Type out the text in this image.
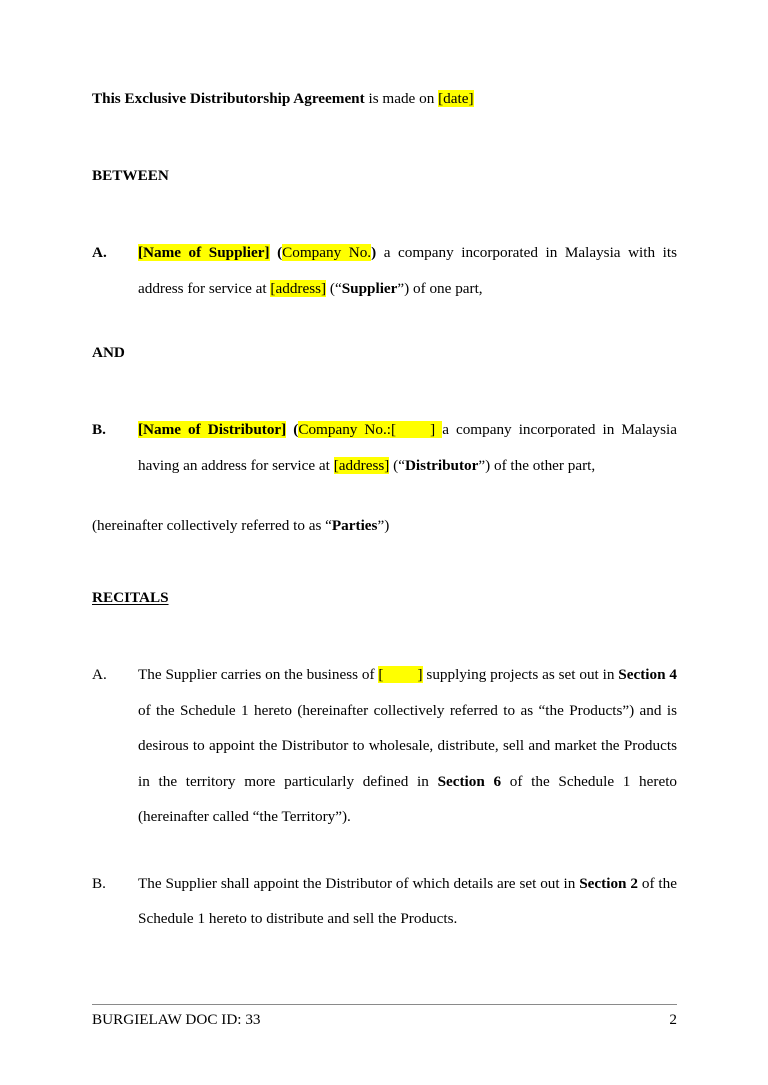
This Exclusive Distributorship Agreement is made on [date]

BETWEEN

A.	[Name of Supplier] (Company No.) a company incorporated in Malaysia with its address for service at [address] (“Supplier”) of one part,

AND

B.	[Name of Distributor] (Company No.:[ ] a company incorporated in Malaysia having an address for service at [address] (“Distributor”) of the other part,

(hereinafter collectively referred to as “Parties”)

RECITALS

A.	The Supplier carries on the business of [ ] supplying projects as set out in Section 4 of the Schedule 1 hereto (hereinafter collectively referred to as “the Products”) and is desirous to appoint the Distributor to wholesale, distribute, sell and market the Products in the territory more particularly defined in Section 6 of the Schedule 1 hereto (hereinafter called “the Territory”).
B.	The Supplier shall appoint the Distributor of which details are set out in Section 2 of the Schedule 1 hereto to distribute and sell the Products.
BURGIELAW DOC ID: 33	2
